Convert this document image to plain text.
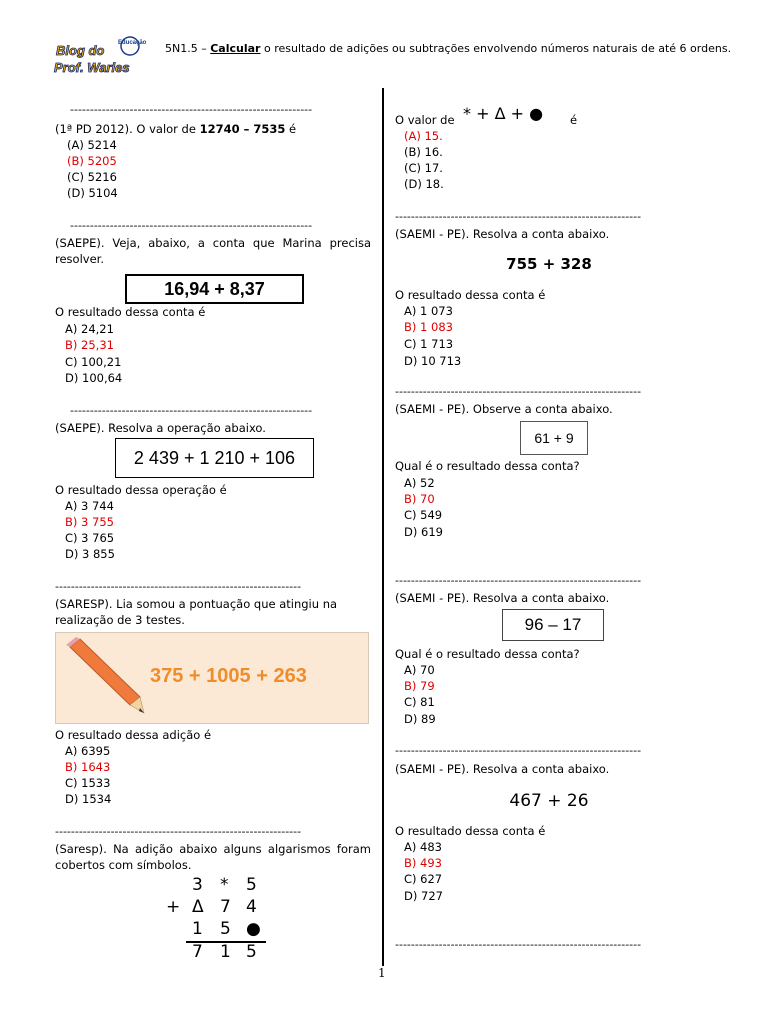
Blog do
Prof. Warles
Educação 5N1.5 – Calcular o resultado de adições ou subtrações envolvendo números naturais de até 6 ordens.
-------------------------------------------------------------
(1ª PD 2012). O valor de 12740 – 7535 é
(A) 5214
(B) 5205
(C) 5216
(D) 5104
-------------------------------------------------------------
(SAEPE). Veja, abaixo, a conta que Marina precisa resolver.
16,94 + 8,37
O resultado dessa conta é
A) 24,21
B) 25,31
C) 100,21
D) 100,64
-------------------------------------------------------------
(SAEPE). Resolva a operação abaixo.
2 439 + 1 210 + 106
O resultado dessa operação é
A) 3 744
B) 3 755
C) 3 765
D) 3 855
--------------------------------------------------------------
(SARESP). Lia somou a pontuação que atingiu na
realização de 3 testes.
375 + 1005 + 263
O resultado dessa adição é
A) 6395
B) 1643
C) 1533
D) 1534
--------------------------------------------------------------
(Saresp). Na adição abaixo alguns algarismos foram cobertos com símbolos.
3 * 5
+ Δ 7 4
1 5 ●
7 1 5
O valor de * + Δ + ● é
(A) 15.
(B) 16.
(C) 17.
(D) 18.
--------------------------------------------------------------
(SAEMI - PE). Resolva a conta abaixo.
755 + 328
O resultado dessa conta é
A) 1 073
B) 1 083
C) 1 713
D) 10 713
--------------------------------------------------------------
(SAEMI - PE). Observe a conta abaixo.
61 + 9
Qual é o resultado dessa conta?
A) 52
B) 70
C) 549
D) 619
--------------------------------------------------------------
(SAEMI - PE). Resolva a conta abaixo.
96 – 17
Qual é o resultado dessa conta?
A) 70
B) 79
C) 81
D) 89
--------------------------------------------------------------
(SAEMI - PE). Resolva a conta abaixo.
467 + 26
O resultado dessa conta é
A) 483
B) 493
C) 627
D) 727
--------------------------------------------------------------
1
